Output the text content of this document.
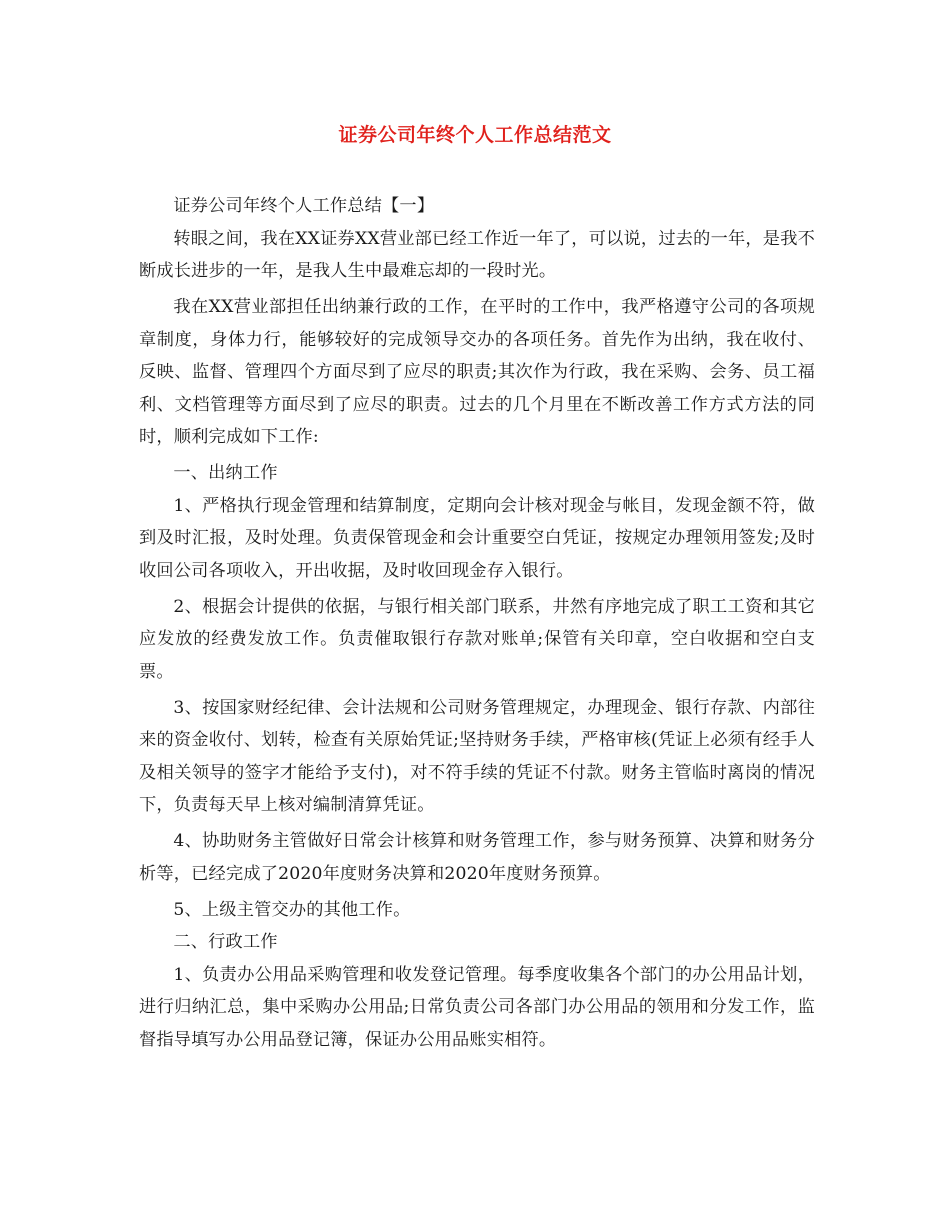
证券公司年终个人工作总结范文

证券公司年终个人工作总结【一】

转眼之间，我在XX证券XX营业部已经工作近一年了，可以说，过去的一年，是我不断成长进步的一年，是我人生中最难忘却的一段时光。

我在XX营业部担任出纳兼行政的工作，在平时的工作中，我严格遵守公司的各项规章制度，身体力行，能够较好的完成领导交办的各项任务。首先作为出纳，我在收付、反映、监督、管理四个方面尽到了应尽的职责;其次作为行政，我在采购、会务、员工福利、文档管理等方面尽到了应尽的职责。过去的几个月里在不断改善工作方式方法的同时，顺利完成如下工作:

一、出纳工作

1、严格执行现金管理和结算制度，定期向会计核对现金与帐目，发现金额不符，做到及时汇报，及时处理。负责保管现金和会计重要空白凭证，按规定办理领用签发;及时收回公司各项收入，开出收据，及时收回现金存入银行。

2、根据会计提供的依据，与银行相关部门联系，井然有序地完成了职工工资和其它应发放的经费发放工作。负责催取银行存款对账单;保管有关印章，空白收据和空白支票。

3、按国家财经纪律、会计法规和公司财务管理规定，办理现金、银行存款、内部往来的资金收付、划转，检查有关原始凭证;坚持财务手续，严格审核(凭证上必须有经手人及相关领导的签字才能给予支付)，对不符手续的凭证不付款。财务主管临时离岗的情况下，负责每天早上核对编制清算凭证。

4、协助财务主管做好日常会计核算和财务管理工作，参与财务预算、决算和财务分析等，已经完成了2020年度财务决算和2020年度财务预算。

5、上级主管交办的其他工作。

二、行政工作

1、负责办公用品采购管理和收发登记管理。每季度收集各个部门的办公用品计划，进行归纳汇总，集中采购办公用品;日常负责公司各部门办公用品的领用和分发工作，监督指导填写办公用品登记簿，保证办公用品账实相符。
